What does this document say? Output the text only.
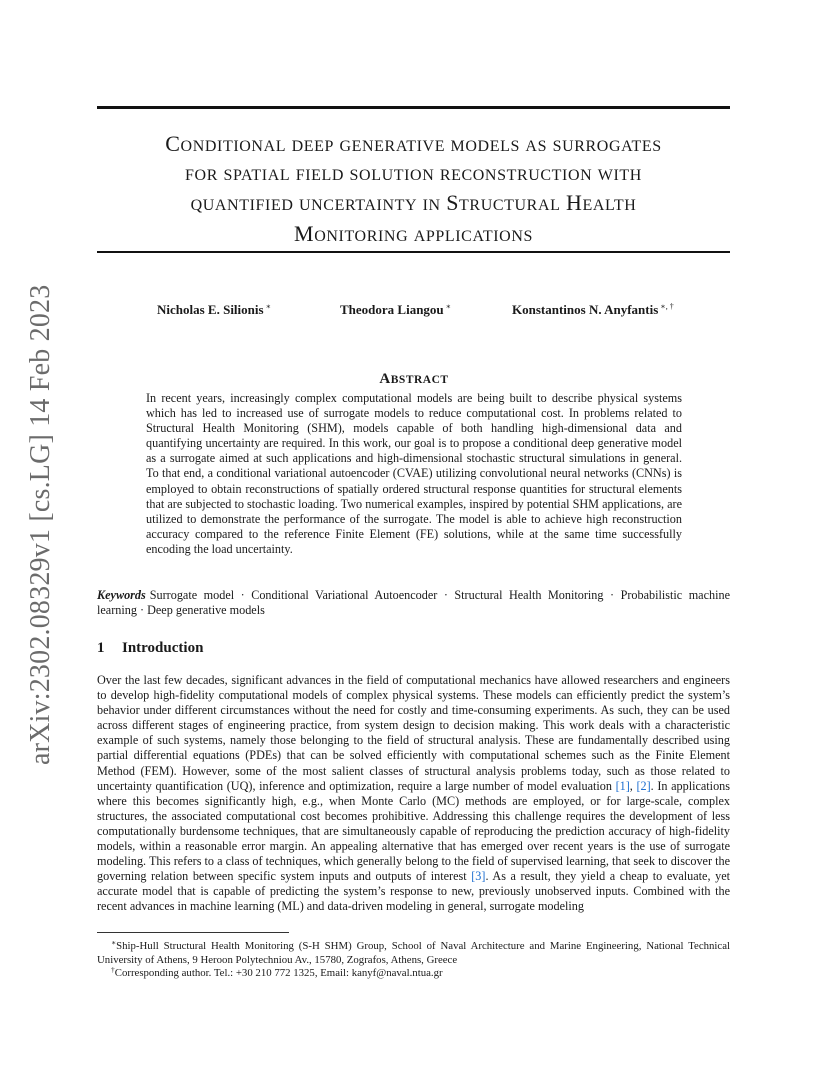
arXiv:2302.08329v1 [cs.LG] 14 Feb 2023
CONDITIONAL DEEP GENERATIVE MODELS AS SURROGATES
FOR SPATIAL FIELD SOLUTION RECONSTRUCTION WITH
QUANTIFIED UNCERTAINTY IN STRUCTURAL HEALTH
MONITORING APPLICATIONS
Nicholas E. Silionis ∗	Theodora Liangou ∗	Konstantinos N. Anyfantis ∗, †
ABSTRACT
In recent years, increasingly complex computational models are being built to describe physical systems which has led to increased use of surrogate models to reduce computational cost. In problems related to Structural Health Monitoring (SHM), models capable of both handling high-dimensional data and quantifying uncertainty are required. In this work, our goal is to propose a conditional deep generative model as a surrogate aimed at such applications and high-dimensional stochastic structural simulations in general. To that end, a conditional variational autoencoder (CVAE) utilizing convolutional neural networks (CNNs) is employed to obtain reconstructions of spatially ordered structural response quantities for structural elements that are subjected to stochastic loading. Two numerical examples, inspired by potential SHM applications, are utilized to demonstrate the performance of the surrogate. The model is able to achieve high reconstruction accuracy compared to the reference Finite Element (FE) solutions, while at the same time successfully encoding the load uncertainty.
Keywords Surrogate model · Conditional Variational Autoencoder · Structural Health Monitoring · Probabilistic machine learning · Deep generative models
1 Introduction
Over the last few decades, significant advances in the field of computational mechanics have allowed researchers and engineers to develop high-fidelity computational models of complex physical systems. These models can efficiently predict the system’s behavior under different circumstances without the need for costly and time-consuming experiments. As such, they can be used across different stages of engineering practice, from system design to decision making. This work deals with a characteristic example of such systems, namely those belonging to the field of structural analysis. These are fundamentally described using partial differential equations (PDEs) that can be solved efficiently with computational schemes such as the Finite Element Method (FEM). However, some of the most salient classes of structural analysis problems today, such as those related to uncertainty quantification (UQ), inference and optimization, require a large number of model evaluation [1], [2]. In applications where this becomes significantly high, e.g., when Monte Carlo (MC) methods are employed, or for large-scale, complex structures, the associated computational cost becomes prohibitive. Addressing this challenge requires the development of less computationally burdensome techniques, that are simultaneously capable of reproducing the prediction accuracy of high-fidelity models, within a reasonable error margin. An appealing alternative that has emerged over recent years is the use of surrogate modeling. This refers to a class of techniques, which generally belong to the field of supervised learning, that seek to discover the governing relation between specific system inputs and outputs of interest [3]. As a result, they yield a cheap to evaluate, yet accurate model that is capable of predicting the system’s response to new, previously unobserved inputs. Combined with the recent advances in machine learning (ML) and data-driven modeling in general, surrogate modeling
∗Ship-Hull Structural Health Monitoring (S-H SHM) Group, School of Naval Architecture and Marine Engineering, National Technical University of Athens, 9 Heroon Polytechniou Av., 15780, Zografos, Athens, Greece
†Corresponding author. Tel.: +30 210 772 1325, Email: kanyf@naval.ntua.gr
